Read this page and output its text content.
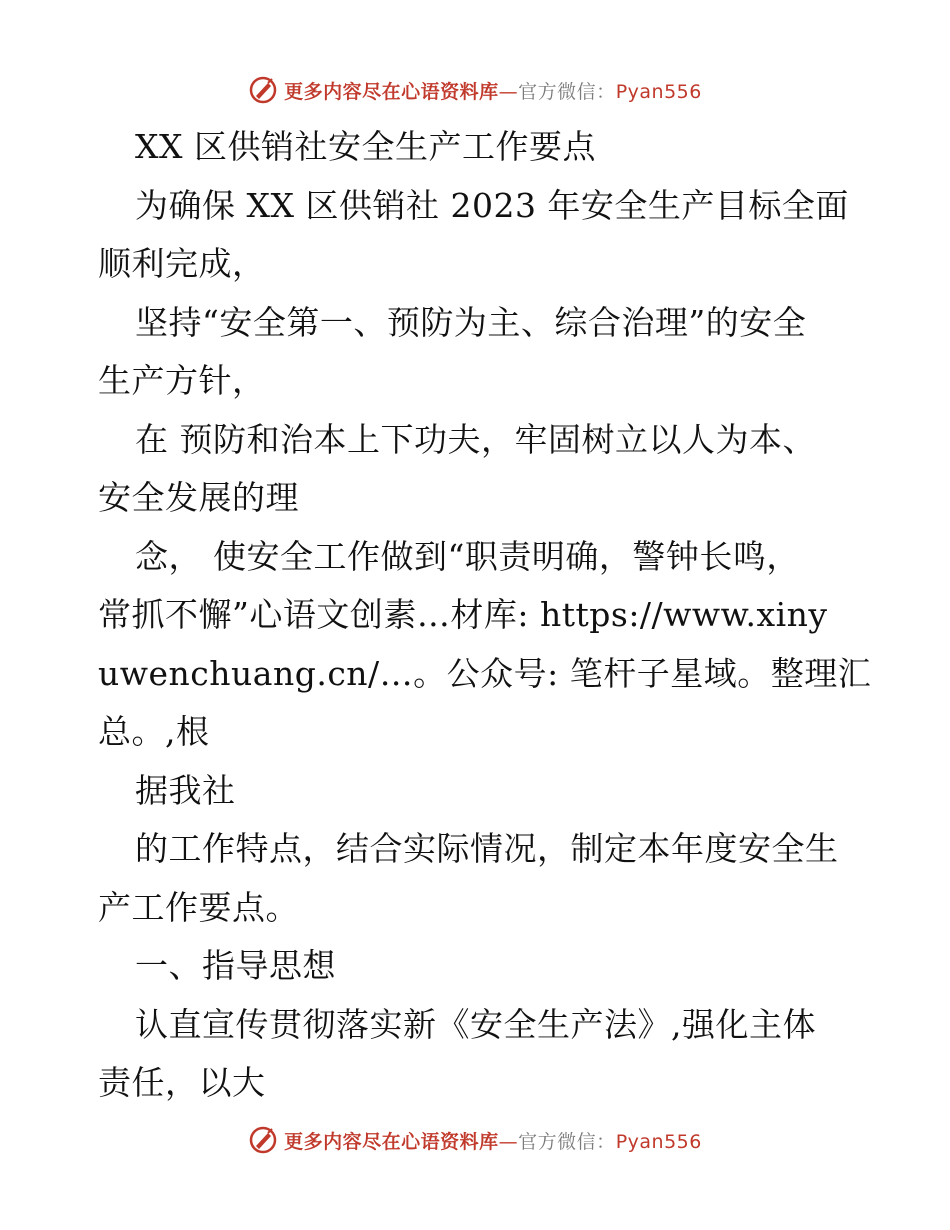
更多内容尽在心语资料库—官方微信：Pyan556
XX 区供销社安全生产工作要点
为确保 XX 区供销社 2023 年安全生产目标全面
顺利完成，
坚持“安全第一、预防为主、综合治理”的安全
生产方针，
在 预防和治本上下功夫，牢固树立以人为本、
安全发展的理
念， 使安全工作做到“职责明确，警钟长鸣，
常抓不懈”心语文创素…材库: https://www.xiny
uwenchuang.cn/…。公众号: 笔杆子星域。整理汇
总。,根
据我社
的工作特点，结合实际情况，制定本年度安全生
产工作要点。
一、指导思想
认直宣传贯彻落实新《安全生产法》,强化主体
责任，以大
更多内容尽在心语资料库—官方微信：Pyan556
